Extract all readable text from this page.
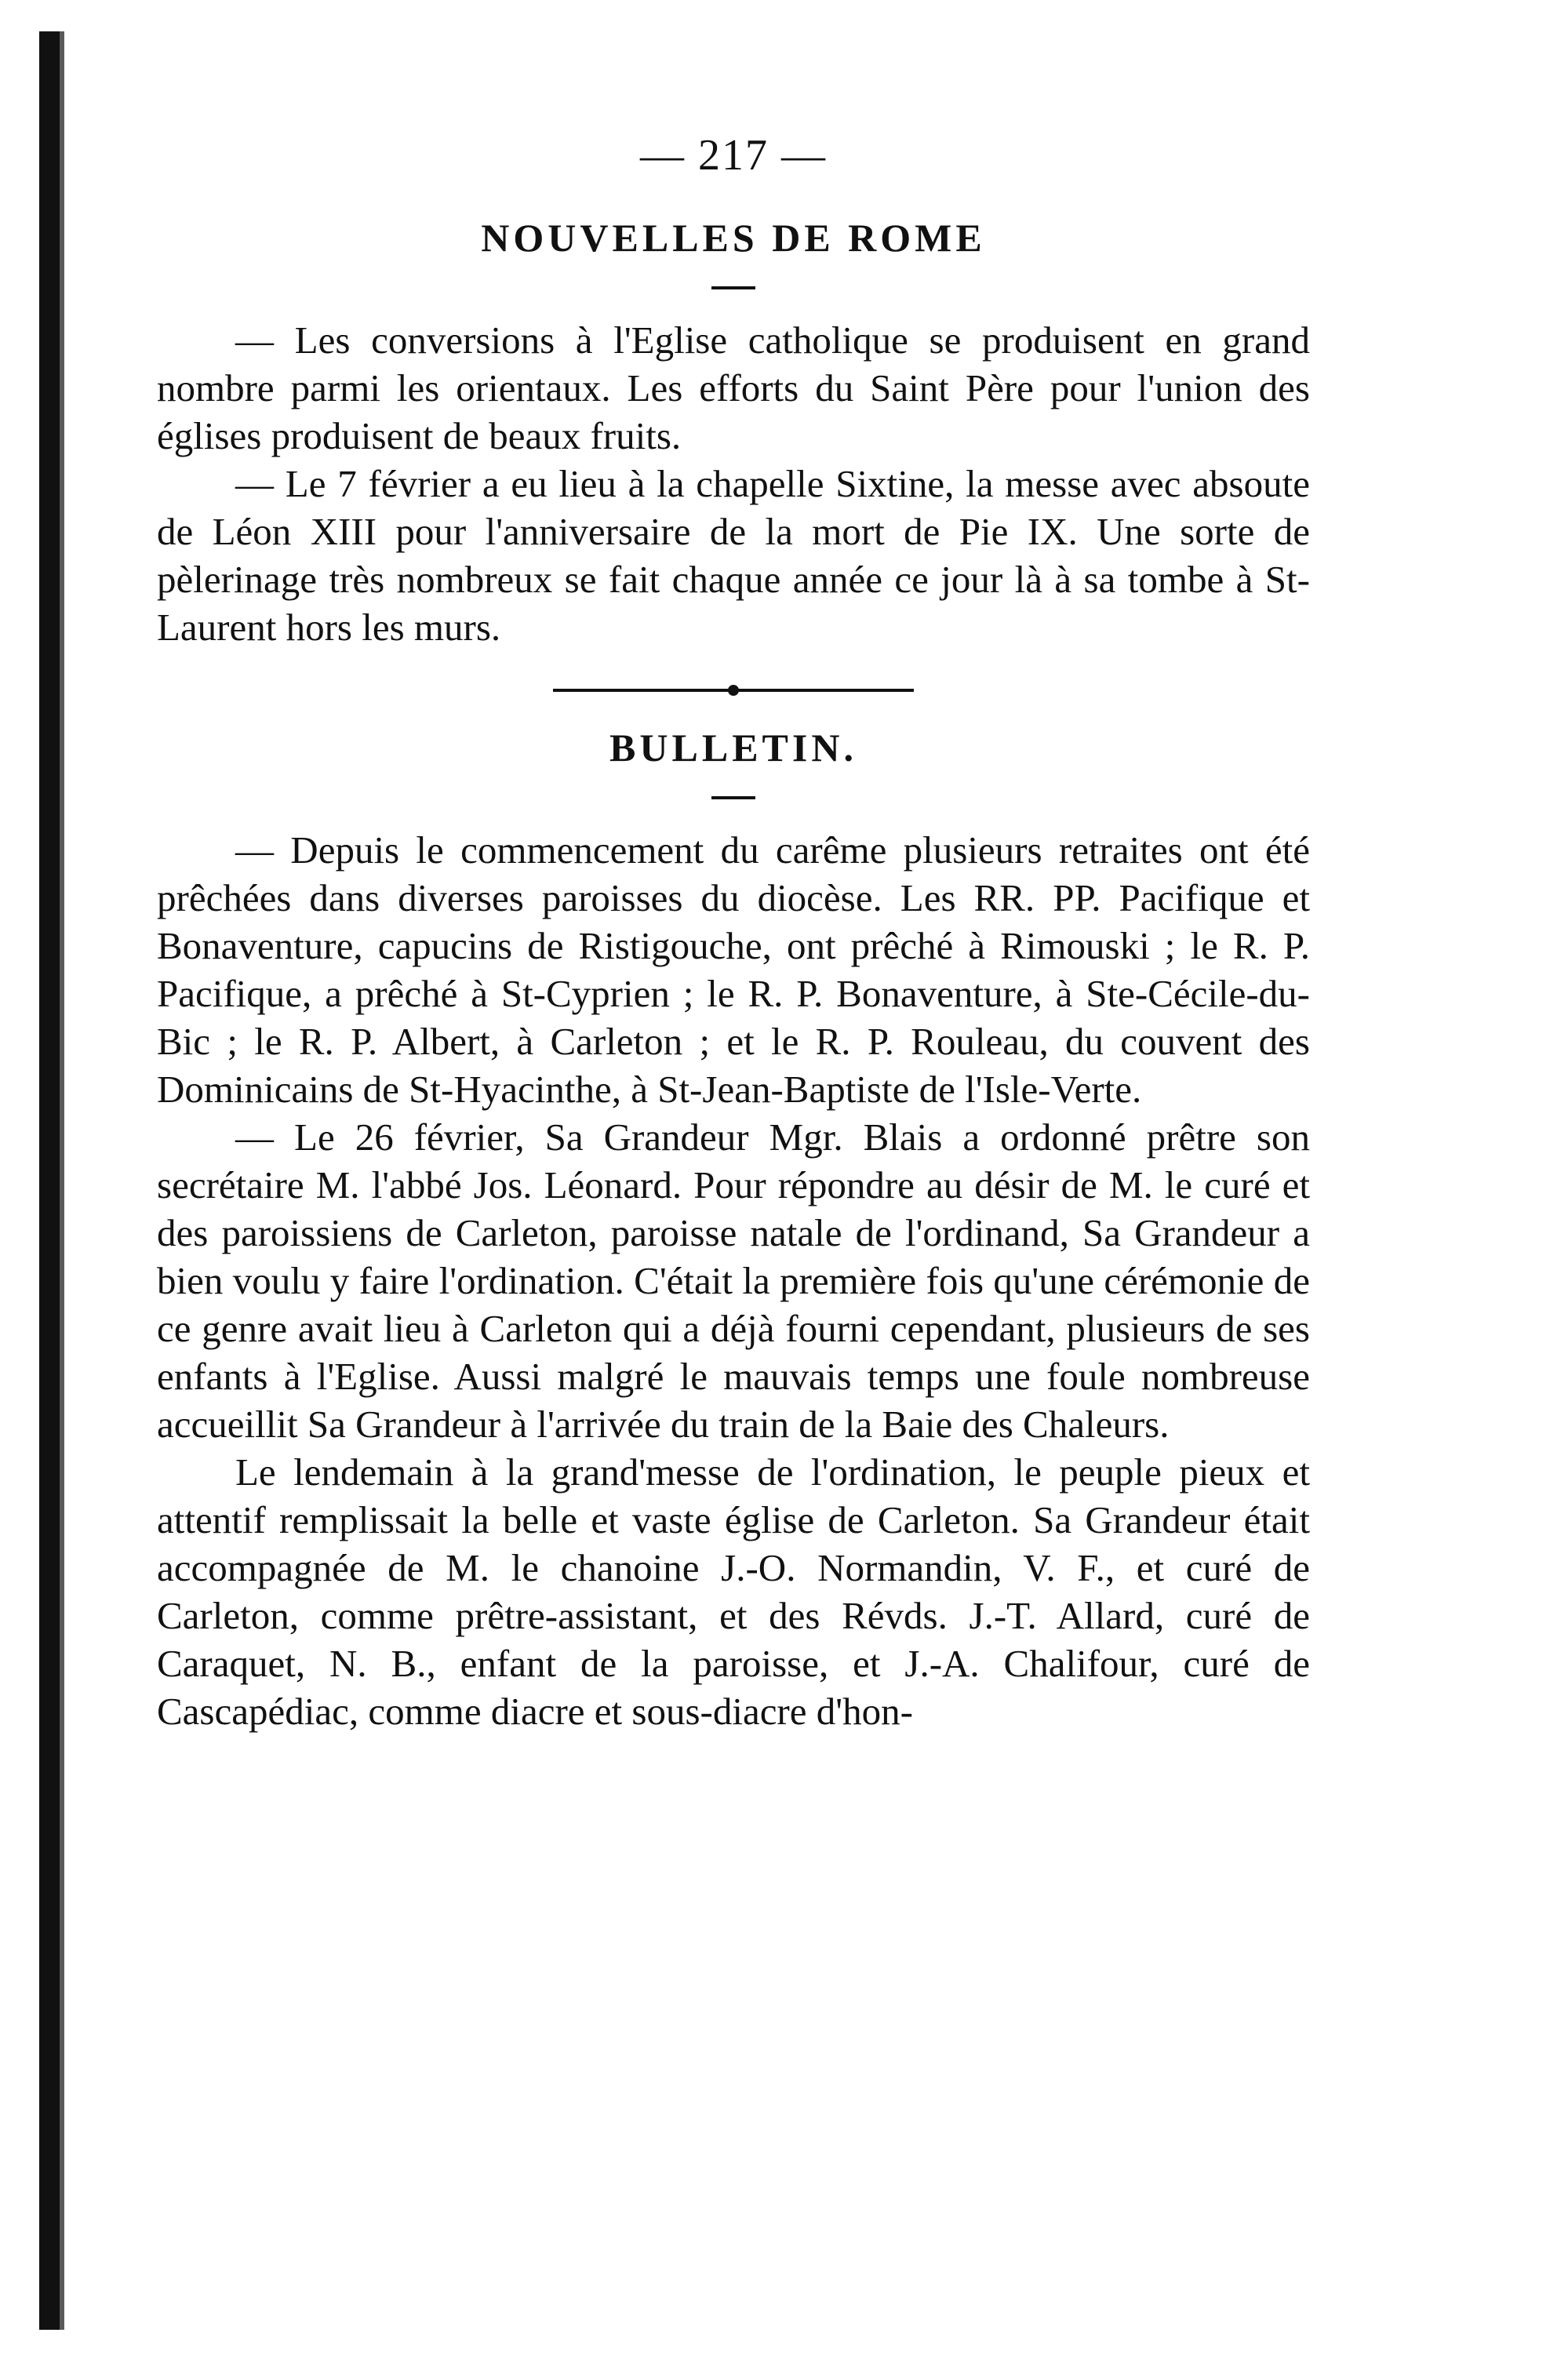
— 217 —
NOUVELLES DE ROME

— Les conversions à l'Eglise catholique se produisent en grand nombre parmi les orientaux. Les efforts du Saint Père pour l'union des églises produisent de beaux fruits.

— Le 7 février a eu lieu à la chapelle Sixtine, la messe avec absoute de Léon XIII pour l'anniversaire de la mort de Pie IX. Une sorte de pèlerinage très nombreux se fait chaque année ce jour là à sa tombe à St-Laurent hors les murs.

BULLETIN.

— Depuis le commencement du carême plusieurs retraites ont été prêchées dans diverses paroisses du diocèse. Les RR. PP. Pacifique et Bonaventure, capucins de Ristigouche, ont prêché à Rimouski ; le R. P. Pacifique, a prêché à St-Cyprien ; le R. P. Bonaventure, à Ste-Cécile-du-Bic ; le R. P. Albert, à Carleton ; et le R. P. Rouleau, du couvent des Dominicains de St-Hyacinthe, à St-Jean-Baptiste de l'Isle-Verte.

— Le 26 février, Sa Grandeur Mgr. Blais a ordonné prêtre son secrétaire M. l'abbé Jos. Léonard. Pour répondre au désir de M. le curé et des paroissiens de Carleton, paroisse natale de l'ordinand, Sa Grandeur a bien voulu y faire l'ordination. C'était la première fois qu'une cérémonie de ce genre avait lieu à Carleton qui a déjà fourni cependant, plusieurs de ses enfants à l'Eglise. Aussi malgré le mauvais temps une foule nombreuse accueillit Sa Grandeur à l'arrivée du train de la Baie des Chaleurs.

Le lendemain à la grand'messe de l'ordination, le peuple pieux et attentif remplissait la belle et vaste église de Carleton. Sa Grandeur était accompagnée de M. le chanoine J.-O. Normandin, V. F., et curé de Carleton, comme prêtre-assistant, et des Révds. J.-T. Allard, curé de Caraquet, N. B., enfant de la paroisse, et J.-A. Chalifour, curé de Cascapédiac, comme diacre et sous-diacre d'hon-
